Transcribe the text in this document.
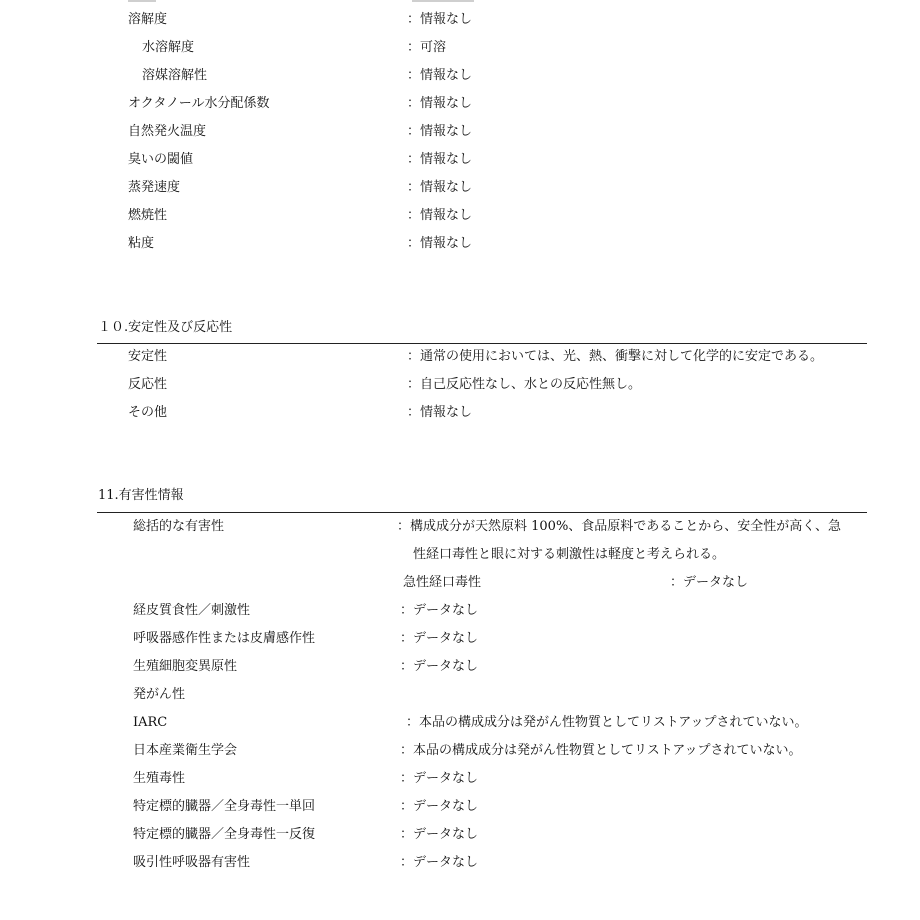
溶解度	：情報なし
水溶解度	：可溶
溶媒溶解性	：情報なし
オクタノール水分配係数	：情報なし
自然発火温度	：情報なし
臭いの閾値	：情報なし
蒸発速度	：情報なし
燃焼性	：情報なし
粘度	：情報なし
１０.安定性及び反応性
安定性	：通常の使用においては、光、熱、衝撃に対して化学的に安定である。
反応性	：自己反応性なし、水との反応性無し。
その他	：情報なし
11.有害性情報
総括的な有害性	：構成成分が天然原料 100%、食品原料であることから、安全性が高く、急
性経口毒性と眼に対する刺激性は軽度と考えられる。
急性経口毒性	：データなし
経皮質食性／刺激性	：データなし
呼吸器感作性または皮膚感作性	：データなし
生殖細胞変異原性	：データなし
発がん性
IARC	：本品の構成成分は発がん性物質としてリストアップされていない。
日本産業衛生学会	：本品の構成成分は発がん性物質としてリストアップされていない。
生殖毒性	：データなし
特定標的臓器／全身毒性一単回	：データなし
特定標的臓器／全身毒性一反復	：データなし
吸引性呼吸器有害性	：データなし
